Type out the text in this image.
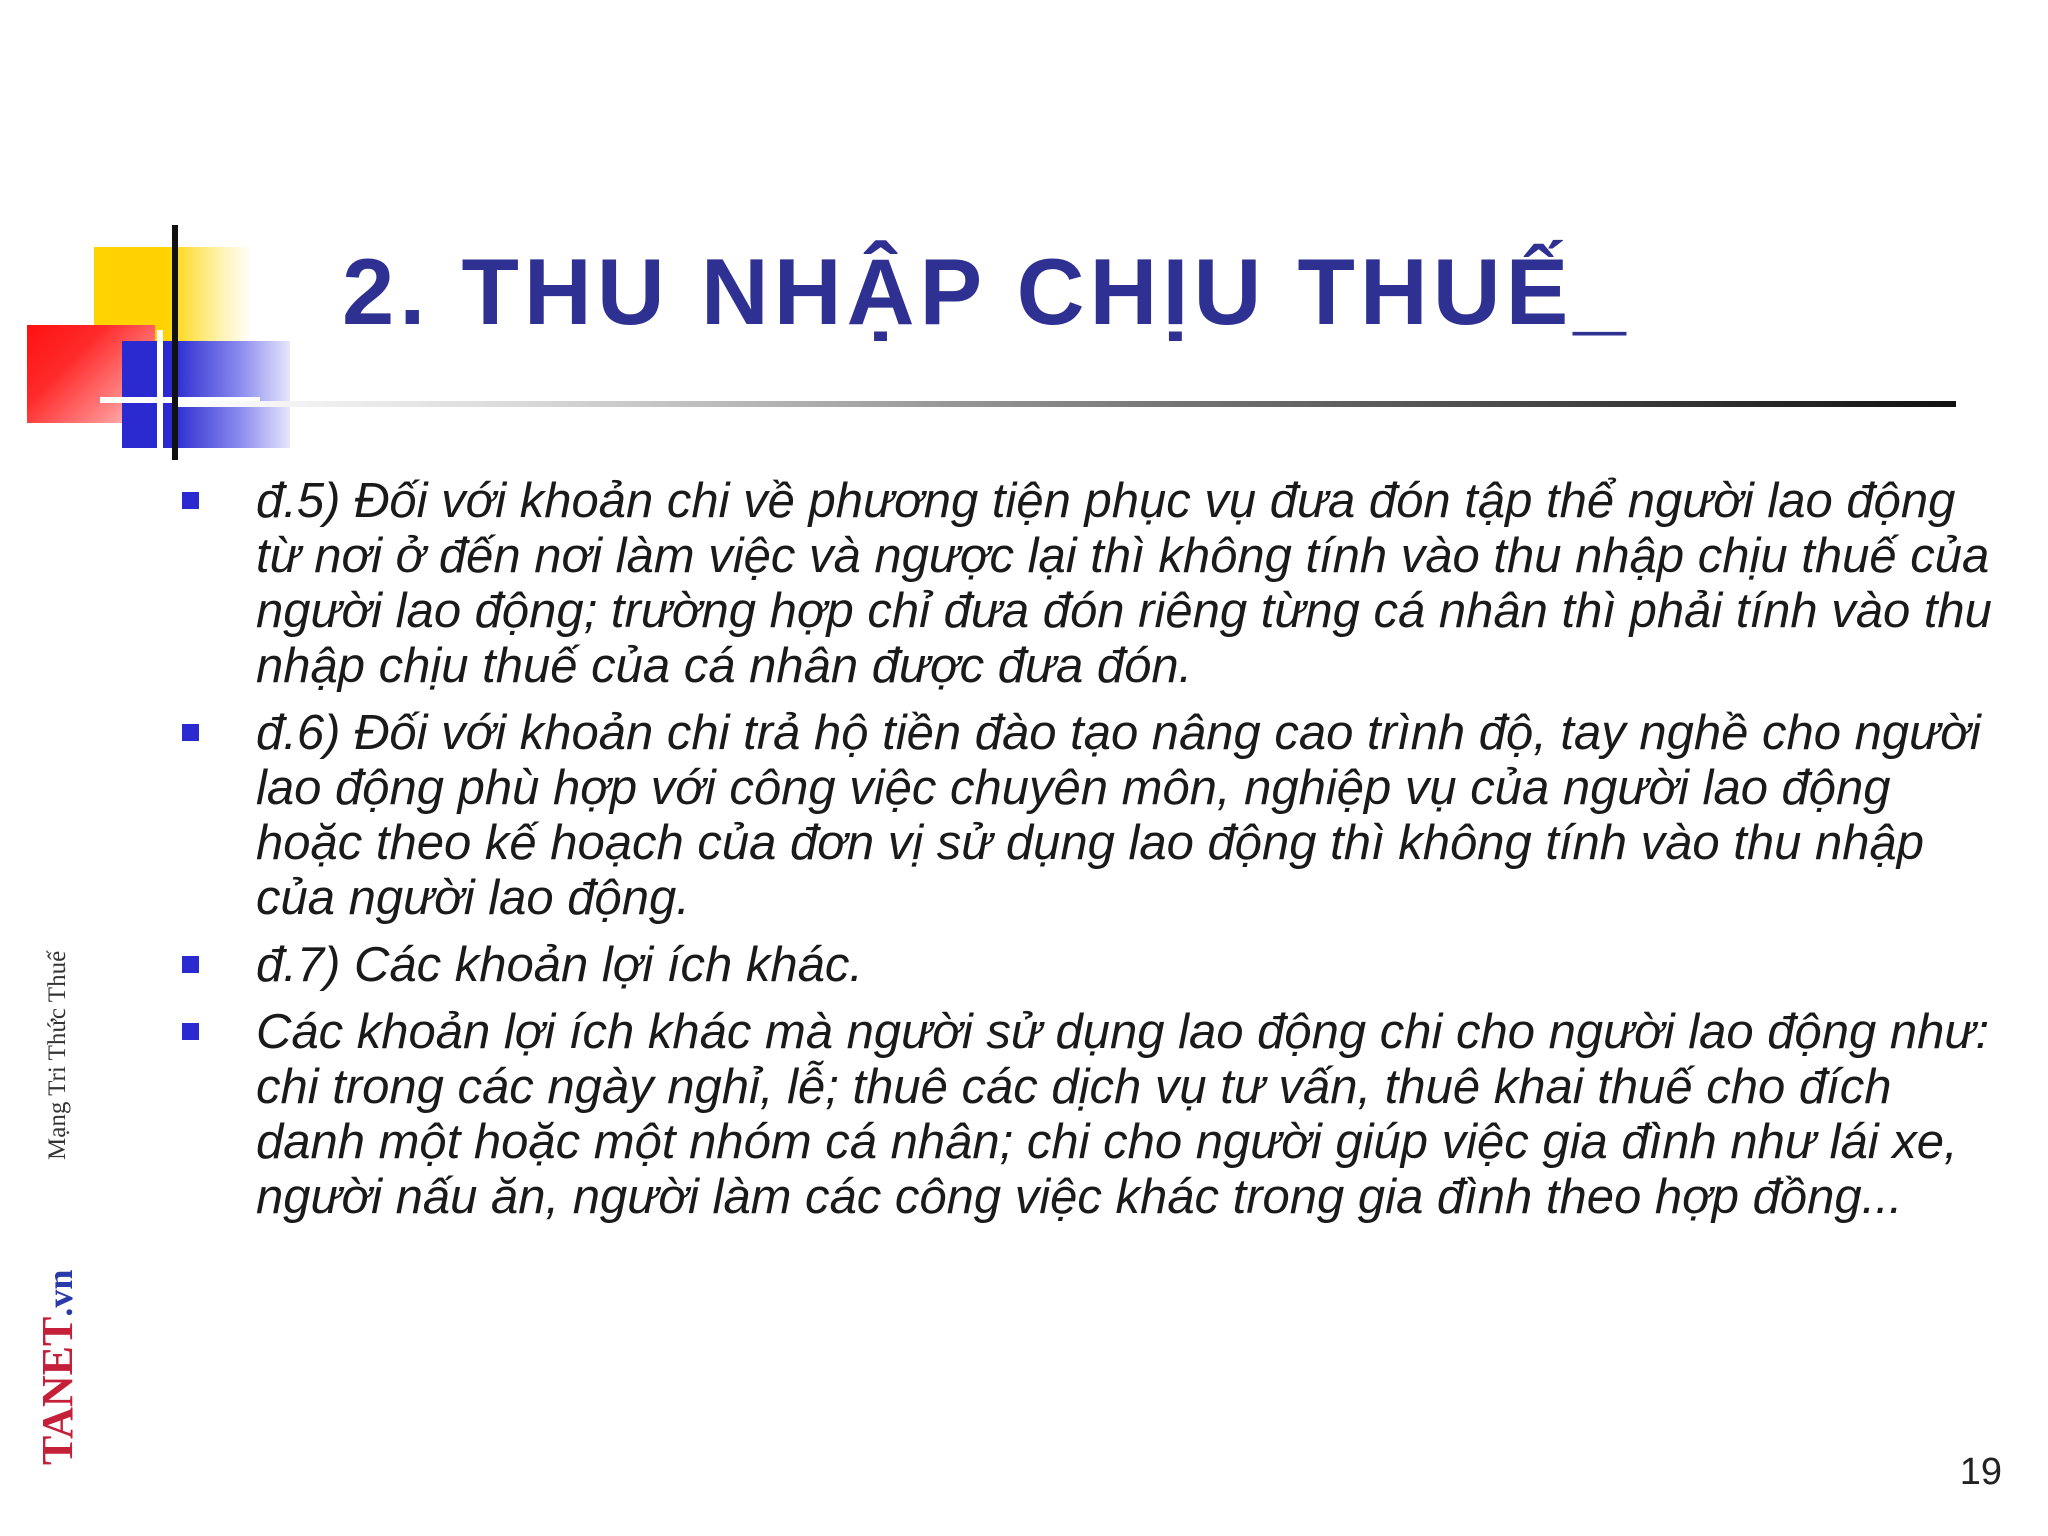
2. THU NHẬP CHỊU THUẾ_
đ.5) Đối với khoản chi về phương tiện phục vụ đưa đón tập thể người lao động từ nơi ở đến nơi làm việc và ngược lại thì không tính vào thu nhập chịu thuế của người lao động; trường hợp chỉ đưa đón riêng từng cá nhân thì phải tính vào thu nhập chịu thuế của cá nhân được đưa đón.
đ.6) Đối với khoản chi trả hộ tiền đào tạo nâng cao trình độ, tay nghề cho người lao động phù hợp với công việc chuyên môn, nghiệp vụ của người lao động hoặc theo kế hoạch của đơn vị sử dụng lao động thì không tính vào thu nhập của người lao động.
đ.7) Các khoản lợi ích khác.
Các khoản lợi ích khác mà người sử dụng lao động chi cho người lao động như: chi trong các ngày nghỉ, lễ; thuê các dịch vụ tư vấn, thuê khai thuế cho đích danh một hoặc một nhóm cá nhân; chi cho người giúp việc gia đình như lái xe, người nấu ăn, người làm các công việc khác trong gia đình theo hợp đồng...
Mạng Tri Thức Thuế
TANET.vn
19
